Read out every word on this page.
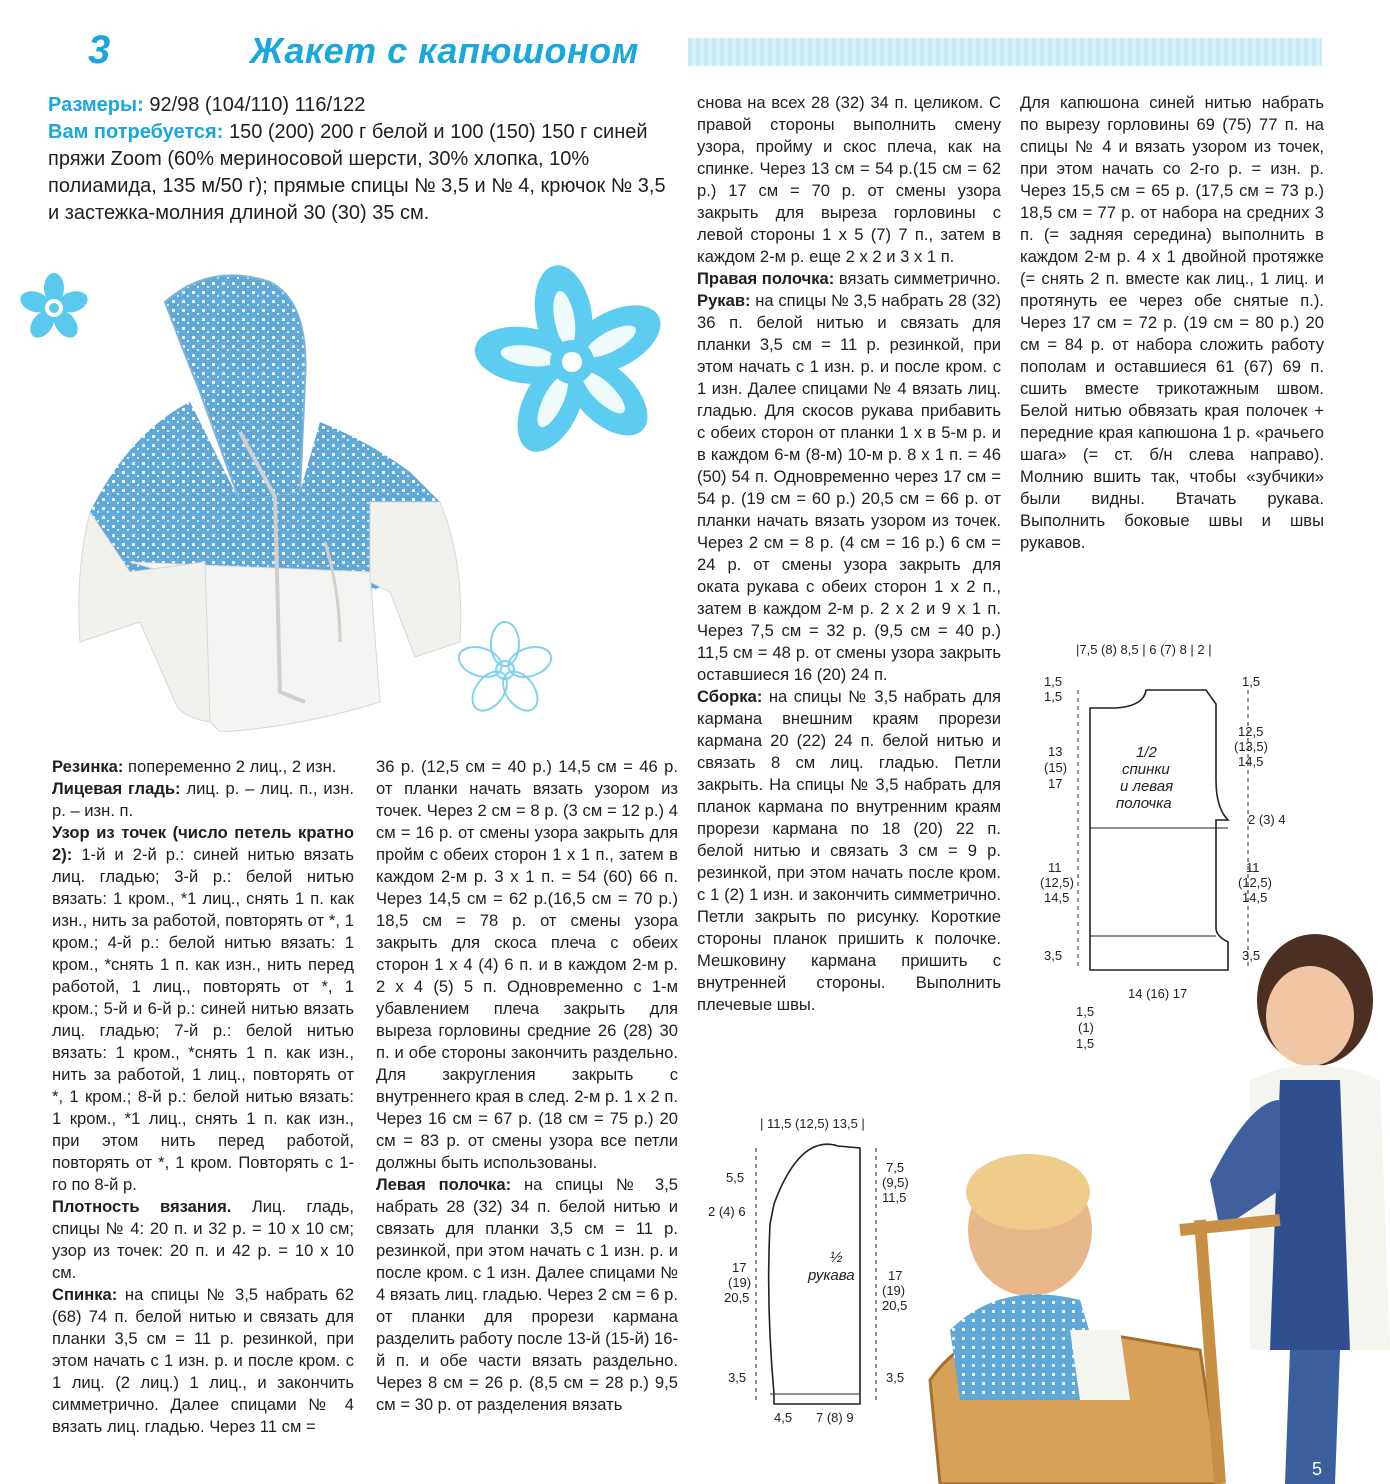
3	Жакет с капюшоном
Размеры: 92/98 (104/110) 116/122
Вам потребуется: 150 (200) 200 г белой и 100 (150) 150 г синей пряжи Zoom (60% мериносовой шерсти, 30% хлопка, 10% полиамида, 135 м/50 г); прямые спицы № 3,5 и № 4, крючок № 3,5 и застежка-молния длиной 30 (30) 35 см.

Резинка: попеременно 2 лиц., 2 изн.

Лицевая гладь: лиц. р. – лиц. п., изн. р. – изн. п.

Узор из точек (число петель кратно 2): 1-й и 2-й р.: синей нитью вязать лиц. гладью; 3-й р.: белой нитью вязать: 1 кром., *1 лиц., снять 1 п. как изн., нить за работой, повторять от *, 1 кром.; 4-й р.: белой нитью вязать: 1 кром., *снять 1 п. как изн., нить перед работой, 1 лиц., повторять от *, 1 кром.; 5-й и 6-й р.: синей нитью вязать лиц. гладью; 7-й р.: белой нитью вязать: 1 кром., *снять 1 п. как изн., нить за работой, 1 лиц., повторять от *, 1 кром.; 8-й р.: белой нитью вязать: 1 кром., *1 лиц., снять 1 п. как изн., при этом нить перед работой, повторять от *, 1 кром. Повторять с 1-го по 8-й р.

Плотность вязания. Лиц. гладь, спицы № 4: 20 п. и 32 р. = 10 х 10 см; узор из точек: 20 п. и 42 р. = 10 х 10 см.

Спинка: на спицы № 3,5 набрать 62 (68) 74 п. белой нитью и связать для планки 3,5 см = 11 р. резинкой, при этом начать с 1 изн. р. и после кром. с 1 лиц. (2 лиц.) 1 лиц., и закончить симметрично. Далее спицами № 4 вязать лиц. гладью. Через 11 см =

36 р. (12,5 см = 40 р.) 14,5 см = 46 р. от планки начать вязать узором из точек. Через 2 см = 8 р. (3 см = 12 р.) 4 см = 16 р. от смены узора закрыть для пройм с обеих сторон 1 х 1 п., затем в каждом 2-м р. 3 х 1 п. = 54 (60) 66 п. Через 14,5 см = 62 р.(16,5 см = 70 р.) 18,5 см = 78 р. от смены узора закрыть для скоса плеча с обеих сторон 1 х 4 (4) 6 п. и в каждом 2-м р. 2 х 4 (5) 5 п. Одновременно с 1-м убавлением плеча закрыть для выреза горловины средние 26 (28) 30 п. и обе стороны закончить раздельно. Для закругления закрыть с внутреннего края в след. 2-м р. 1 х 2 п. Через 16 см = 67 р. (18 см = 75 р.) 20 см = 83 р. от смены узора все петли должны быть использованы.

Левая полочка: на спицы № 3,5 набрать 28 (32) 34 п. белой нитью и связать для планки 3,5 см = 11 р. резинкой, при этом начать с 1 изн. р. и после кром. с 1 изн. Далее спицами № 4 вязать лиц. гладью. Через 2 см = 6 р. от планки для прорези кармана разделить работу после 13-й (15-й) 16-й п. и обе части вязать раздельно. Через 8 см = 26 р. (8,5 см = 28 р.) 9,5 см = 30 р. от разделения вязать

снова на всех 28 (32) 34 п. целиком. С правой стороны выполнить смену узора, пройму и скос плеча, как на спинке. Через 13 см = 54 р.(15 см = 62 р.) 17 см = 70 р. от смены узора закрыть для выреза горловины с левой стороны 1 х 5 (7) 7 п., затем в каждом 2-м р. еще 2 х 2 и 3 х 1 п.

Правая полочка: вязать симметрично.

Рукав: на спицы № 3,5 набрать 28 (32) 36 п. белой нитью и связать для планки 3,5 см = 11 р. резинкой, при этом начать с 1 изн. р. и после кром. с 1 изн. Далее спицами № 4 вязать лиц. гладью. Для скосов рукава прибавить с обеих сторон от планки 1 х в 5-м р. и в каждом 6-м (8-м) 10-м р. 8 х 1 п. = 46 (50) 54 п. Одновременно через 17 см = 54 р. (19 см = 60 р.) 20,5 см = 66 р. от планки начать вязать узором из точек. Через 2 см = 8 р. (4 см = 16 р.) 6 см = 24 р. от смены узора закрыть для оката рукава с обеих сторон 1 х 2 п., затем в каждом 2-м р. 2 х 2 и 9 х 1 п. Через 7,5 см = 32 р. (9,5 см = 40 р.) 11,5 см = 48 р. от смены узора закрыть оставшиеся 16 (20) 24 п.

Сборка: на спицы № 3,5 набрать для кармана внешним краям прорези кармана 20 (22) 24 п. белой нитью и связать 8 см лиц. гладью. Петли закрыть. На спицы № 3,5 набрать для планок кармана по внутренним краям прорези кармана по 18 (20) 22 п. белой нитью и связать 3 см = 9 р. резинкой, при этом начать после кром. с 1 (2) 1 изн. и закончить симметрично. Петли закрыть по рисунку. Короткие стороны планок пришить к полочке. Мешковину кармана пришить с внутренней стороны. Выполнить плечевые швы.

Для капюшона синей нитью набрать по вырезу горловины 69 (75) 77 п. на спицы № 4 и вязать узором из точек, при этом начать со 2-го р. = изн. р. Через 15,5 см = 65 р. (17,5 см = 73 р.) 18,5 см = 77 р. от набора на средних 3 п. (= задняя середина) выполнить в каждом 2-м р. 4 х 1 двойной протяжке (= снять 2 п. вместе как лиц., 1 лиц. и протянуть ее через обе снятые п.). Через 17 см = 72 р. (19 см = 80 р.) 20 см = 84 р. от набора сложить работу пополам и оставшиеся 61 (67) 69 п. сшить вместе трикотажным швом. Белой нитью обвязать края полочек + передние края капюшона 1 р. «рачьего шага» (= ст. б/н слева направо). Молнию вшить так, чтобы «зубчики» были видны. Втачать рукава. Выполнить боковые швы и швы рукавов.

|7,5 (8) 8,5 | 6 (7) 8 | 2 |
1,5
1,5
1,5
13
(15)
17
12,5
(13,5)
14,5
2 (3) 4
11
(12,5)
14,5
11
(12,5)
14,5
3,5	3,5
14 (16) 17
1,5
(1)
1,5
1/2
спинки
и левая
полочка
| 11,5 (12,5) 13,5 |
5,5
2 (4) 6
17
(19)
20,5
3,5
7,5
(9,5)
11,5
17
(19)
20,5
3,5
4,5 7 (8) 9
½
рукава
5
